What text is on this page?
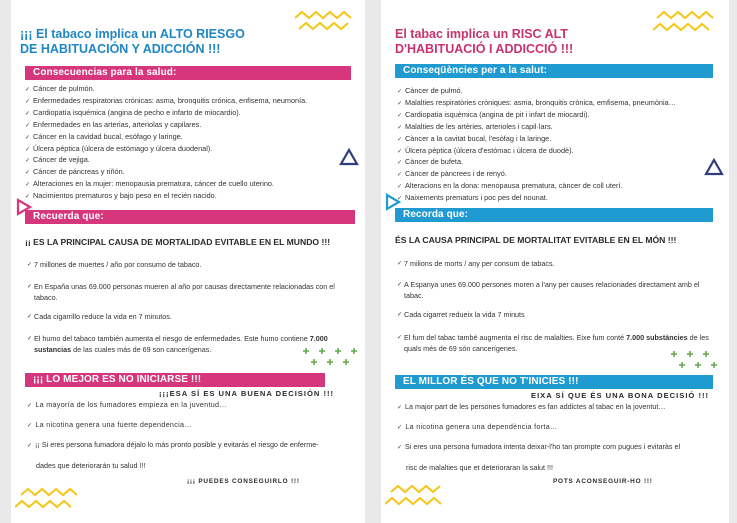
¡¡¡ El tabaco implica un ALTO RIESGO
DE HABITUACIÓN Y ADICCIÓN !!!
Consecuencias para la salud:
✓ Cáncer de pulmón.
✓ Enfermedades respiratorias crónicas: asma, bronquitis crónica, enfisema, neumonía.
✓ Cardiopatía isquémica (angina de pecho e infarto de miocardio).
✓ Enfermedades en las arterias, arteriolas y capilares.
✓ Cáncer en la cavidad bucal, esófago y laringe.
✓ Úlcera péptica (úlcera de estómago y úlcera duodenal).
✓ Cáncer de vejiga.
✓ Cáncer de páncreas y riñón.
✓ Alteraciones en la mujer: menopausia prematura, cáncer de cuello uterino.
✓ Nacimientos prematuros y bajo peso en el recién nacido.
Recuerda que:
¡¡ ES LA PRINCIPAL CAUSA DE MORTALIDAD EVITABLE EN EL MUNDO !!!
✓ 7 millones de muertes / año por consumo de tabaco.
✓ En España unas 69.000 personas mueren al año por causas directamente relacionadas con el tabaco.
✓ Cada cigarrillo reduce la vida en 7 minutos.
✓ El humo del tabaco también aumenta el riesgo de enfermedades. Este humo contiene 7.000 sustancias de las cuales más de 69 son cancerígenas.
¡¡¡ LO MEJOR ES NO INICIARSE !!!
¡¡¡ESA SÍ ES UNA BUENA DECISIÓN !!!
✓ La mayoría de los fumadores empieza en la juventud…
✓ La nicotina genera una fuerte dependencia…
✓ ¡¡ Si eres persona fumadora déjalo lo más pronto posible y evitarás el riesgo de enferme-
dades que deteriorarán tu salud !!!
¡¡¡ PUEDES CONSEGUIRLO !!!
El tabac implica un RISC ALT
D'HABITUACIÓ I ADDICCIÓ !!!
Conseqüències per a la salut:
✓ Càncer de pulmó.
✓ Malalties respiratòries cròniques: asma, bronquitis crònica, emfisema, pneumònia…
✓ Cardiopatia isquèmica (angina de pit i infart de miocardi).
✓ Malalties de les artèries, arterioles i capil·lars.
✓ Càncer a la cavitat bucal, l'esòfag i la laringe.
✓ Úlcera pèptica (úlcera d'estómac i úlcera de duodè).
✓ Càncer de bufeta.
✓ Càncer de pàncrees i de renyó.
✓ Alteracions en la dona: menopausa prematura, càncer de coll uterí.
✓ Naixements prematurs i poc pes del nounat.
Recorda que:
ÉS LA CAUSA PRINCIPAL DE MORTALITAT EVITABLE EN EL MÓN !!!
✓ 7 milions de morts / any per consum de tabacs.
✓ A Espanya unes 69.000 persones moren a l'any per causes relacionades directament amb el tabac.
✓ Cada cigarret redueix la vida 7 minuts
✓ El fum del tabac també augmenta el risc de malalties. Eixe fum conté 7.000 substàncies de les quals més de 69 són cancerígenes.
EL MILLOR ÉS QUE NO T'INICIES !!!
EIXA SÍ QUE ÉS UNA BONA DECISIÓ !!!
✓ La major part de les persones fumadores es fan addictes al tabac en la joventut…
✓ La nicotina genera una dependència forta…
✓ Si eres una persona fumadora intenta deixar-l'ho tan prompte com pugues i evitaràs el
risc de malalties que et deterioraran la salut !!!
POTS ACONSEGUIR-HO !!!
